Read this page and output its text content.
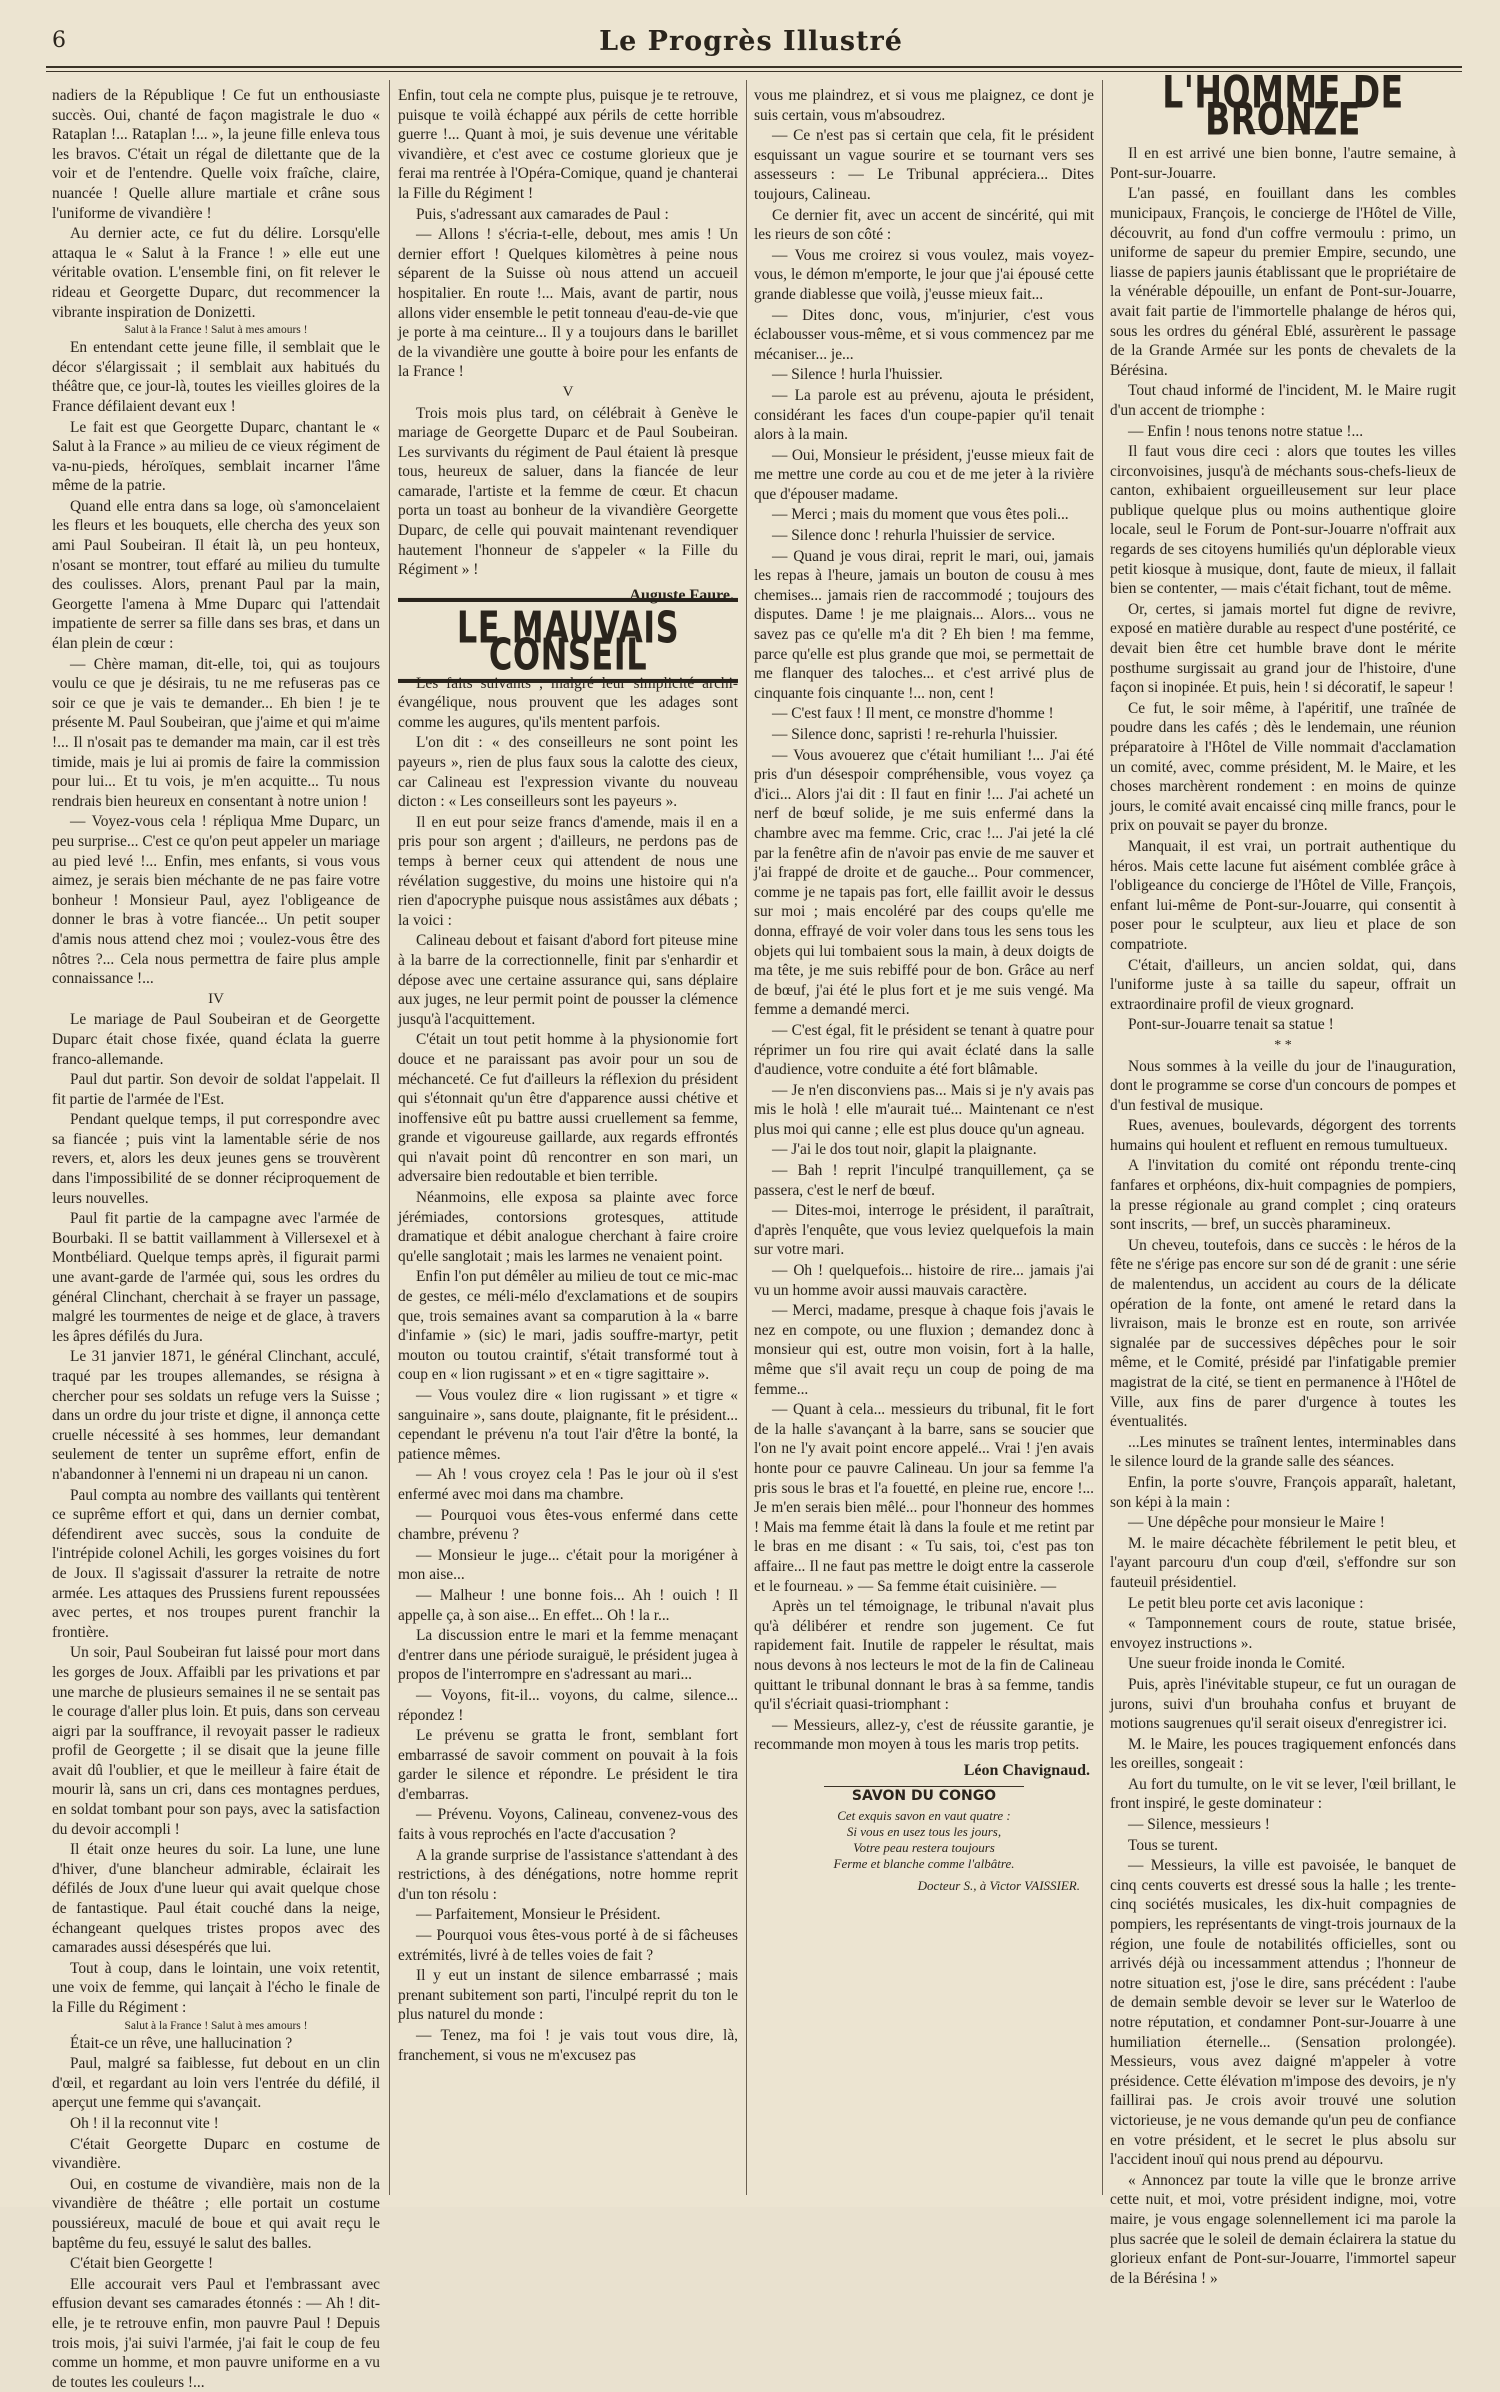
6	Le Progrès Illustré

nadiers de la République ! Ce fut un enthousiaste succès. Oui, chanté de façon magistrale le duo « Rataplan !... Rataplan !... », la jeune fille enleva tous les bravos. C'était un régal de dilettante que de la voir et de l'entendre. Quelle voix fraîche, claire, nuancée ! Quelle allure martiale et crâne sous l'uniforme de vivandière !

Au dernier acte, ce fut du délire. Lorsqu'elle attaqua le « Salut à la France ! » elle eut une véritable ovation. L'ensemble fini, on fit relever le rideau et Georgette Duparc, dut recommencer la vibrante inspiration de Donizetti.

Salut à la France ! Salut à mes amours !

En entendant cette jeune fille, il semblait que le décor s'élargissait ; il semblait aux habitués du théâtre que, ce jour-là, toutes les vieilles gloires de la France défilaient devant eux !

Le fait est que Georgette Duparc, chantant le « Salut à la France » au milieu de ce vieux régiment de va-nu-pieds, héroïques, semblait incarner l'âme même de la patrie.

Quand elle entra dans sa loge, où s'amoncelaient les fleurs et les bouquets, elle chercha des yeux son ami Paul Soubeiran. Il était là, un peu honteux, n'osant se montrer, tout effaré au milieu du tumulte des coulisses. Alors, prenant Paul par la main, Georgette l'amena à Mme Duparc qui l'attendait impatiente de serrer sa fille dans ses bras, et dans un élan plein de cœur :

— Chère maman, dit-elle, toi, qui as toujours voulu ce que je désirais, tu ne me refuseras pas ce soir ce que je vais te demander... Eh bien ! je te présente M. Paul Soubeiran, que j'aime et qui m'aime !... Il n'osait pas te demander ma main, car il est très timide, mais je lui ai promis de faire la commission pour lui... Et tu vois, je m'en acquitte... Tu nous rendrais bien heureux en consentant à notre union !

— Voyez-vous cela ! répliqua Mme Duparc, un peu surprise... C'est ce qu'on peut appeler un mariage au pied levé !... Enfin, mes enfants, si vous vous aimez, je serais bien méchante de ne pas faire votre bonheur ! Monsieur Paul, ayez l'obligeance de donner le bras à votre fiancée... Un petit souper d'amis nous attend chez moi ; voulez-vous être des nôtres ?... Cela nous permettra de faire plus ample connaissance !...

IV

Le mariage de Paul Soubeiran et de Georgette Duparc était chose fixée, quand éclata la guerre franco-allemande.

Paul dut partir. Son devoir de soldat l'appelait. Il fit partie de l'armée de l'Est.

Pendant quelque temps, il put correspondre avec sa fiancée ; puis vint la lamentable série de nos revers, et, alors les deux jeunes gens se trouvèrent dans l'impossibilité de se donner réciproquement de leurs nouvelles.

Paul fit partie de la campagne avec l'armée de Bourbaki. Il se battit vaillamment à Villersexel et à Montbéliard. Quelque temps après, il figurait parmi une avant-garde de l'armée qui, sous les ordres du général Clinchant, cherchait à se frayer un passage, malgré les tourmentes de neige et de glace, à travers les âpres défilés du Jura.

Le 31 janvier 1871, le général Clinchant, acculé, traqué par les troupes allemandes, se résigna à chercher pour ses soldats un refuge vers la Suisse ; dans un ordre du jour triste et digne, il annonça cette cruelle nécessité à ses hommes, leur demandant seulement de tenter un suprême effort, enfin de n'abandonner à l'ennemi ni un drapeau ni un canon.

Paul compta au nombre des vaillants qui tentèrent ce suprême effort et qui, dans un dernier combat, défendirent avec succès, sous la conduite de l'intrépide colonel Achili, les gorges voisines du fort de Joux. Il s'agissait d'assurer la retraite de notre armée. Les attaques des Prussiens furent repoussées avec pertes, et nos troupes purent franchir la frontière.

Un soir, Paul Soubeiran fut laissé pour mort dans les gorges de Joux. Affaibli par les privations et par une marche de plusieurs semaines il ne se sentait pas le courage d'aller plus loin. Et puis, dans son cerveau aigri par la souffrance, il revoyait passer le radieux profil de Georgette ; il se disait que la jeune fille avait dû l'oublier, et que le meilleur à faire était de mourir là, sans un cri, dans ces montagnes perdues, en soldat tombant pour son pays, avec la satisfaction du devoir accompli !

Il était onze heures du soir. La lune, une lune d'hiver, d'une blancheur admirable, éclairait les défilés de Joux d'une lueur qui avait quelque chose de fantastique. Paul était couché dans la neige, échangeant quelques tristes propos avec des camarades aussi désespérés que lui.

Tout à coup, dans le lointain, une voix retentit, une voix de femme, qui lançait à l'écho le finale de la Fille du Régiment :

Salut à la France ! Salut à mes amours !

Était-ce un rêve, une hallucination ?

Paul, malgré sa faiblesse, fut debout en un clin d'œil, et regardant au loin vers l'entrée du défilé, il aperçut une femme qui s'avançait.

Oh ! il la reconnut vite !

C'était Georgette Duparc en costume de vivandière.

Oui, en costume de vivandière, mais non de la vivandière de théâtre ; elle portait un costume poussiéreux, maculé de boue et qui avait reçu le baptême du feu, essuyé le salut des balles.

C'était bien Georgette !

Elle accourait vers Paul et l'embrassant avec effusion devant ses camarades étonnés : — Ah ! dit-elle, je te retrouve enfin, mon pauvre Paul ! Depuis trois mois, j'ai suivi l'armée, j'ai fait le coup de feu comme un homme, et mon pauvre uniforme en a vu de toutes les couleurs !...

Enfin, tout cela ne compte plus, puisque je te retrouve, puisque te voilà échappé aux périls de cette horrible guerre !... Quant à moi, je suis devenue une véritable vivandière, et c'est avec ce costume glorieux que je ferai ma rentrée à l'Opéra-Comique, quand je chanterai la Fille du Régiment !

Puis, s'adressant aux camarades de Paul :

— Allons ! s'écria-t-elle, debout, mes amis ! Un dernier effort ! Quelques kilomètres à peine nous séparent de la Suisse où nous attend un accueil hospitalier. En route !... Mais, avant de partir, nous allons vider ensemble le petit tonneau d'eau-de-vie que je porte à ma ceinture... Il y a toujours dans le barillet de la vivandière une goutte à boire pour les enfants de la France !

V

Trois mois plus tard, on célébrait à Genève le mariage de Georgette Duparc et de Paul Soubeiran. Les survivants du régiment de Paul étaient là presque tous, heureux de saluer, dans la fiancée de leur camarade, l'artiste et la femme de cœur. Et chacun porta un toast au bonheur de la vivandière Georgette Duparc, de celle qui pouvait maintenant revendiquer hautement l'honneur de s'appeler « la Fille du Régiment » !

Auguste Faure.

LE MAUVAIS CONSEIL

Les faits suivants ; malgré leur simplicité archi-évangélique, nous prouvent que les adages sont comme les augures, qu'ils mentent parfois.

L'on dit : « des conseilleurs ne sont point les payeurs », rien de plus faux sous la calotte des cieux, car Calineau est l'expression vivante du nouveau dicton : « Les conseilleurs sont les payeurs ».

Il en eut pour seize francs d'amende, mais il en a pris pour son argent ; d'ailleurs, ne perdons pas de temps à berner ceux qui attendent de nous une révélation suggestive, du moins une histoire qui n'a rien d'apocryphe puisque nous assistâmes aux débats ; la voici :

Calineau debout et faisant d'abord fort piteuse mine à la barre de la correctionnelle, finit par s'enhardir et dépose avec une certaine assurance qui, sans déplaire aux juges, ne leur permit point de pousser la clémence jusqu'à l'acquittement.

C'était un tout petit homme à la physionomie fort douce et ne paraissant pas avoir pour un sou de méchanceté. Ce fut d'ailleurs la réflexion du président qui s'étonnait qu'un être d'apparence aussi chétive et inoffensive eût pu battre aussi cruellement sa femme, grande et vigoureuse gaillarde, aux regards effrontés qui n'avait point dû rencontrer en son mari, un adversaire bien redoutable et bien terrible.

Néanmoins, elle exposa sa plainte avec force jérémiades, contorsions grotesques, attitude dramatique et débit analogue cherchant à faire croire qu'elle sanglotait ; mais les larmes ne venaient point.

Enfin l'on put démêler au milieu de tout ce mic-mac de gestes, ce méli-mélo d'exclamations et de soupirs que, trois semaines avant sa comparution à la « barre d'infamie » (sic) le mari, jadis souffre-martyr, petit mouton ou toutou craintif, s'était transformé tout à coup en « lion rugissant » et en « tigre sagittaire ».

— Vous voulez dire « lion rugissant » et tigre « sanguinaire », sans doute, plaignante, fit le président... cependant le prévenu n'a tout l'air d'être la bonté, la patience mêmes.

— Ah ! vous croyez cela ! Pas le jour où il s'est enfermé avec moi dans ma chambre.

— Pourquoi vous êtes-vous enfermé dans cette chambre, prévenu ?

— Monsieur le juge... c'était pour la morigéner à mon aise...

— Malheur ! une bonne fois... Ah ! ouich ! Il appelle ça, à son aise... En effet... Oh ! la r...

La discussion entre le mari et la femme menaçant d'entrer dans une période suraiguë, le président jugea à propos de l'interrompre en s'adressant au mari...

— Voyons, fit-il... voyons, du calme, silence... répondez !

Le prévenu se gratta le front, semblant fort embarrassé de savoir comment on pouvait à la fois garder le silence et répondre. Le président le tira d'embarras.

— Prévenu. Voyons, Calineau, convenez-vous des faits à vous reprochés en l'acte d'accusation ?

A la grande surprise de l'assistance s'attendant à des restrictions, à des dénégations, notre homme reprit d'un ton résolu :

— Parfaitement, Monsieur le Président.

— Pourquoi vous êtes-vous porté à de si fâcheuses extrémités, livré à de telles voies de fait ?

Il y eut un instant de silence embarrassé ; mais prenant subitement son parti, l'inculpé reprit du ton le plus naturel du monde :

— Tenez, ma foi ! je vais tout vous dire, là, franchement, si vous ne m'excusez pas

vous me plaindrez, et si vous me plaignez, ce dont je suis certain, vous m'absoudrez.

— Ce n'est pas si certain que cela, fit le président esquissant un vague sourire et se tournant vers ses assesseurs : — Le Tribunal appréciera... Dites toujours, Calineau.

Ce dernier fit, avec un accent de sincérité, qui mit les rieurs de son côté :

— Vous me croirez si vous voulez, mais voyez-vous, le démon m'emporte, le jour que j'ai épousé cette grande diablesse que voilà, j'eusse mieux fait...

— Dites donc, vous, m'injurier, c'est vous éclabousser vous-même, et si vous commencez par me mécaniser... je...

— Silence ! hurla l'huissier.

— La parole est au prévenu, ajouta le président, considérant les faces d'un coupe-papier qu'il tenait alors à la main.

— Oui, Monsieur le président, j'eusse mieux fait de me mettre une corde au cou et de me jeter à la rivière que d'épouser madame.

— Merci ; mais du moment que vous êtes poli...

— Silence donc ! rehurla l'huissier de service.

— Quand je vous dirai, reprit le mari, oui, jamais les repas à l'heure, jamais un bouton de cousu à mes chemises... jamais rien de raccommodé ; toujours des disputes. Dame ! je me plaignais... Alors... vous ne savez pas ce qu'elle m'a dit ? Eh bien ! ma femme, parce qu'elle est plus grande que moi, se permettait de me flanquer des taloches... et c'est arrivé plus de cinquante fois cinquante !... non, cent !

— C'est faux ! Il ment, ce monstre d'homme !

— Silence donc, sapristi ! re-rehurla l'huissier.

— Vous avouerez que c'était humiliant !... J'ai été pris d'un désespoir compréhensible, vous voyez ça d'ici... Alors j'ai dit : Il faut en finir !... J'ai acheté un nerf de bœuf solide, je me suis enfermé dans la chambre avec ma femme. Cric, crac !... J'ai jeté la clé par la fenêtre afin de n'avoir pas envie de me sauver et j'ai frappé de droite et de gauche... Pour commencer, comme je ne tapais pas fort, elle faillit avoir le dessus sur moi ; mais encoléré par des coups qu'elle me donna, effrayé de voir voler dans tous les sens tous les objets qui lui tombaient sous la main, à deux doigts de ma tête, je me suis rebiffé pour de bon. Grâce au nerf de bœuf, j'ai été le plus fort et je me suis vengé. Ma femme a demandé merci.

— C'est égal, fit le président se tenant à quatre pour réprimer un fou rire qui avait éclaté dans la salle d'audience, votre conduite a été fort blâmable.

— Je n'en disconviens pas... Mais si je n'y avais pas mis le holà ! elle m'aurait tué... Maintenant ce n'est plus moi qui canne ; elle est plus douce qu'un agneau.

— J'ai le dos tout noir, glapit la plaignante.

— Bah ! reprit l'inculpé tranquillement, ça se passera, c'est le nerf de bœuf.

— Dites-moi, interroge le président, il paraîtrait, d'après l'enquête, que vous leviez quelquefois la main sur votre mari.

— Oh ! quelquefois... histoire de rire... jamais j'ai vu un homme avoir aussi mauvais caractère.

— Merci, madame, presque à chaque fois j'avais le nez en compote, ou une fluxion ; demandez donc à monsieur qui est, outre mon voisin, fort à la halle, même que s'il avait reçu un coup de poing de ma femme...

— Quant à cela... messieurs du tribunal, fit le fort de la halle s'avançant à la barre, sans se soucier que l'on ne l'y avait point encore appelé... Vrai ! j'en avais honte pour ce pauvre Calineau. Un jour sa femme l'a pris sous le bras et l'a fouetté, en pleine rue, encore !... Je m'en serais bien mêlé... pour l'honneur des hommes ! Mais ma femme était là dans la foule et me retint par le bras en me disant : « Tu sais, toi, c'est pas ton affaire... Il ne faut pas mettre le doigt entre la casserole et le fourneau. » — Sa femme était cuisinière. —

Après un tel témoignage, le tribunal n'avait plus qu'à délibérer et rendre son jugement. Ce fut rapidement fait. Inutile de rappeler le résultat, mais nous devons à nos lecteurs le mot de la fin de Calineau quittant le tribunal donnant le bras à sa femme, tandis qu'il s'écriait quasi-triomphant :

— Messieurs, allez-y, c'est de réussite garantie, je recommande mon moyen à tous les maris trop petits.

Léon Chavignaud.

SAVON DU CONGO

Cet exquis savon en vaut quatre :

Si vous en usez tous les jours,

Votre peau restera toujours

Ferme et blanche comme l'albâtre.

Docteur S., à Victor VAISSIER.

L'HOMME DE BRONZE

Il en est arrivé une bien bonne, l'autre semaine, à Pont-sur-Jouarre.

L'an passé, en fouillant dans les combles municipaux, François, le concierge de l'Hôtel de Ville, découvrit, au fond d'un coffre vermoulu : primo, un uniforme de sapeur du premier Empire, secundo, une liasse de papiers jaunis établissant que le propriétaire de la vénérable dépouille, un enfant de Pont-sur-Jouarre, avait fait partie de l'immortelle phalange de héros qui, sous les ordres du général Eblé, assurèrent le passage de la Grande Armée sur les ponts de chevalets de la Bérésina.

Tout chaud informé de l'incident, M. le Maire rugit d'un accent de triomphe :

— Enfin ! nous tenons notre statue !...

Il faut vous dire ceci : alors que toutes les villes circonvoisines, jusqu'à de méchants sous-chefs-lieux de canton, exhibaient orgueilleusement sur leur place publique quelque plus ou moins authentique gloire locale, seul le Forum de Pont-sur-Jouarre n'offrait aux regards de ses citoyens humiliés qu'un déplorable vieux petit kiosque à musique, dont, faute de mieux, il fallait bien se contenter, — mais c'était fichant, tout de même.

Or, certes, si jamais mortel fut digne de revivre, exposé en matière durable au respect d'une postérité, ce devait bien être cet humble brave dont le mérite posthume surgissait au grand jour de l'histoire, d'une façon si inopinée. Et puis, hein ! si décoratif, le sapeur !

Ce fut, le soir même, à l'apéritif, une traînée de poudre dans les cafés ; dès le lendemain, une réunion préparatoire à l'Hôtel de Ville nommait d'acclamation un comité, avec, comme président, M. le Maire, et les choses marchèrent rondement : en moins de quinze jours, le comité avait encaissé cinq mille francs, pour le prix on pouvait se payer du bronze.

Manquait, il est vrai, un portrait authentique du héros. Mais cette lacune fut aisément comblée grâce à l'obligeance du concierge de l'Hôtel de Ville, François, enfant lui-même de Pont-sur-Jouarre, qui consentit à poser pour le sculpteur, aux lieu et place de son compatriote.

C'était, d'ailleurs, un ancien soldat, qui, dans l'uniforme juste à sa taille du sapeur, offrait un extraordinaire profil de vieux grognard.

Pont-sur-Jouarre tenait sa statue !

* *

Nous sommes à la veille du jour de l'inauguration, dont le programme se corse d'un concours de pompes et d'un festival de musique.

Rues, avenues, boulevards, dégorgent des torrents humains qui houlent et refluent en remous tumultueux.

A l'invitation du comité ont répondu trente-cinq fanfares et orphéons, dix-huit compagnies de pompiers, la presse régionale au grand complet ; cinq orateurs sont inscrits, — bref, un succès pharamineux.

Un cheveu, toutefois, dans ce succès : le héros de la fête ne s'érige pas encore sur son dé de granit : une série de malentendus, un accident au cours de la délicate opération de la fonte, ont amené le retard dans la livraison, mais le bronze est en route, son arrivée signalée par de successives dépêches pour le soir même, et le Comité, présidé par l'infatigable premier magistrat de la cité, se tient en permanence à l'Hôtel de Ville, aux fins de parer d'urgence à toutes les éventualités.

...Les minutes se traînent lentes, interminables dans le silence lourd de la grande salle des séances.

Enfin, la porte s'ouvre, François apparaît, haletant, son képi à la main :

— Une dépêche pour monsieur le Maire !

M. le maire décachète fébrilement le petit bleu, et l'ayant parcouru d'un coup d'œil, s'effondre sur son fauteuil présidentiel.

Le petit bleu porte cet avis laconique :

« Tamponnement cours de route, statue brisée, envoyez instructions ».

Une sueur froide inonda le Comité.

Puis, après l'inévitable stupeur, ce fut un ouragan de jurons, suivi d'un brouhaha confus et bruyant de motions saugrenues qu'il serait oiseux d'enregistrer ici.

M. le Maire, les pouces tragiquement enfoncés dans les oreilles, songeait :

Au fort du tumulte, on le vit se lever, l'œil brillant, le front inspiré, le geste dominateur :

— Silence, messieurs !

Tous se turent.

— Messieurs, la ville est pavoisée, le banquet de cinq cents couverts est dressé sous la halle ; les trente-cinq sociétés musicales, les dix-huit compagnies de pompiers, les représentants de vingt-trois journaux de la région, une foule de notabilités officielles, sont ou arrivés déjà ou incessamment attendus ; l'honneur de notre situation est, j'ose le dire, sans précédent : l'aube de demain semble devoir se lever sur le Waterloo de notre réputation, et condamner Pont-sur-Jouarre à une humiliation éternelle... (Sensation prolongée). Messieurs, vous avez daigné m'appeler à votre présidence. Cette élévation m'impose des devoirs, je n'y faillirai pas. Je crois avoir trouvé une solution victorieuse, je ne vous demande qu'un peu de confiance en votre président, et le secret le plus absolu sur l'accident inouï qui nous prend au dépourvu.

« Annoncez par toute la ville que le bronze arrive cette nuit, et moi, votre président indigne, moi, votre maire, je vous engage solennellement ici ma parole la plus sacrée que le soleil de demain éclairera la statue du glorieux enfant de Pont-sur-Jouarre, l'immortel sapeur de la Bérésina ! »
